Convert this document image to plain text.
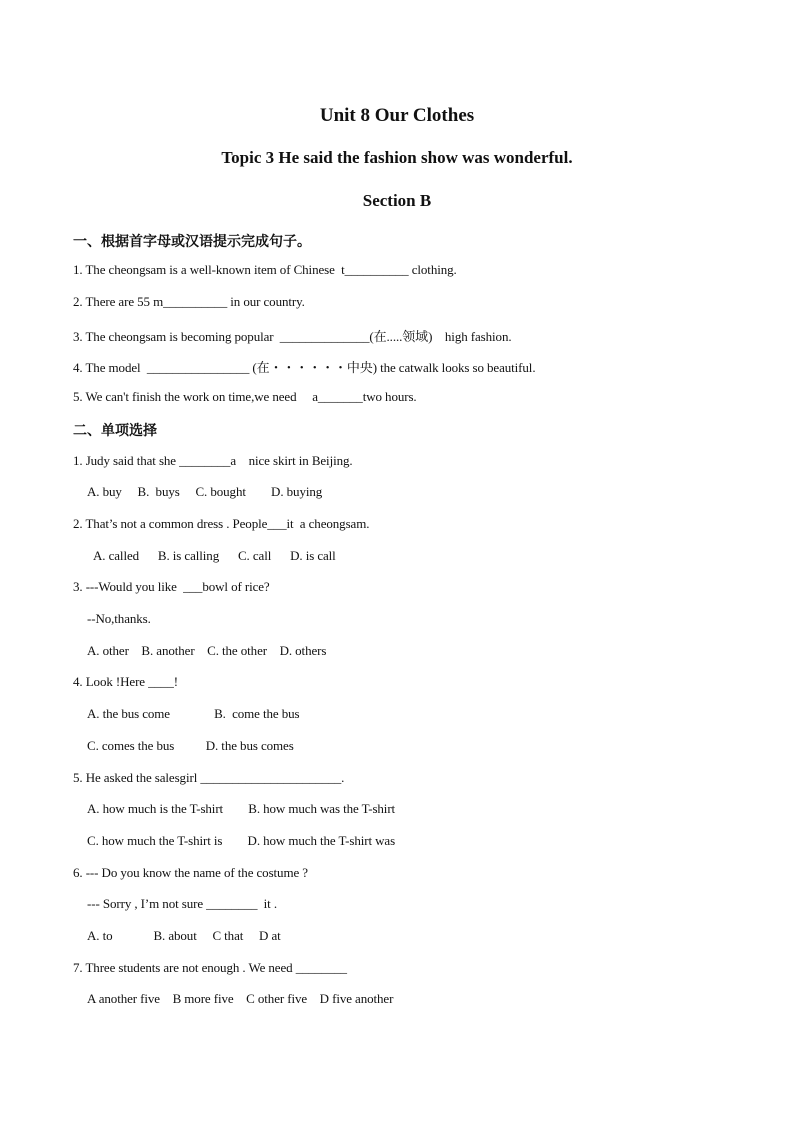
Unit 8 Our Clothes
Topic 3 He said the fashion show was wonderful.
Section B
一、根据首字母或汉语提示完成句子。
1. The cheongsam is a well-known item of Chinese  t__________ clothing.
2. There are 55 m__________ in our country.
3. The cheongsam is becoming popular  ______________(在.....领域)    high fashion.
4. The model  ________________ (在・・・・・・中央) the catwalk looks so beautiful.
5. We can't finish the work on time,we need     a_______two hours.
二、单项选择
1. Judy said that she ________a    nice skirt in Beijing.
A. buy     B.  buys     C. bought        D. buying
2. That’s not a common dress . People___it  a cheongsam.
A. called      B. is calling      C. call      D. is call
3. ---Would you like  ___bowl of rice?
--No,thanks.
A. other    B. another    C. the other    D. others
4. Look !Here ____!
A. the bus come              B.  come the bus
C. comes the bus          D. the bus comes
5. He asked the salesgirl ______________________.
A. how much is the T-shirt        B. how much was the T-shirt
C. how much the T-shirt is        D. how much the T-shirt was
6. --- Do you know the name of the costume ?
--- Sorry , I’m not sure ________  it .
A. to             B. about     C that     D at
7. Three students are not enough . We need ________
A another five    B more five    C other five    D five another
